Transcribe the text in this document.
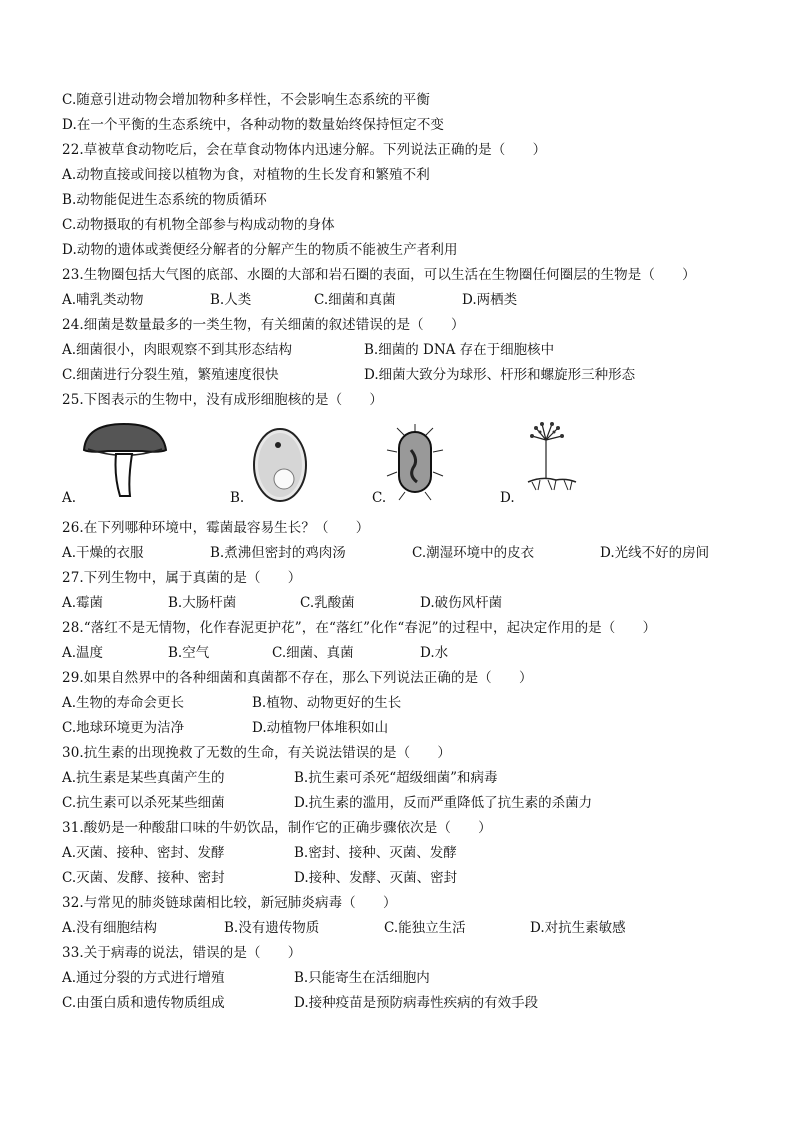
C.随意引进动物会增加物种多样性，不会影响生态系统的平衡
D.在一个平衡的生态系统中，各种动物的数量始终保持恒定不变
22.草被草食动物吃后，会在草食动物体内迅速分解。下列说法正确的是（　　）
A.动物直接或间接以植物为食，对植物的生长发育和繁殖不利
B.动物能促进生态系统的物质循环
C.动物摄取的有机物全部参与构成动物的身体
D.动物的遗体或粪便经分解者的分解产生的物质不能被生产者利用
23.生物圈包括大气图的底部、水圈的大部和岩石圈的表面，可以生活在生物圈任何圈层的生物是（　　）
A.哺乳类动物	B.人类	C.细菌和真菌	D.两栖类
24.细菌是数量最多的一类生物，有关细菌的叙述错误的是（　　）
A.细菌很小，肉眼观察不到其形态结构	B.细菌的 DNA 存在于细胞核中
C.细菌进行分裂生殖，繁殖速度很快	D.细菌大致分为球形、杆形和螺旋形三种形态
25.下图表示的生物中，没有成形细胞核的是（　　）
A.	B.	C.	D.
26.在下列哪种环境中，霉菌最容易生长？（　　）
A.干燥的衣服	B.煮沸但密封的鸡肉汤	C.潮湿环境中的皮衣	D.光线不好的房间
27.下列生物中，属于真菌的是（　　）
A.霉菌	B.大肠杆菌	C.乳酸菌	D.破伤风杆菌
28.“落红不是无情物，化作春泥更护花”，在“落红”化作“春泥”的过程中，起决定作用的是（　　）
A.温度	B.空气	C.细菌、真菌	D.水
29.如果自然界中的各种细菌和真菌都不存在，那么下列说法正确的是（　　）
A.生物的寿命会更长	B.植物、动物更好的生长
C.地球环境更为洁净	D.动植物尸体堆积如山
30.抗生素的出现挽救了无数的生命，有关说法错误的是（　　）
A.抗生素是某些真菌产生的	B.抗生素可杀死“超级细菌”和病毒
C.抗生素可以杀死某些细菌	D.抗生素的滥用，反而严重降低了抗生素的杀菌力
31.酸奶是一种酸甜口味的牛奶饮品，制作它的正确步骤依次是（　　）
A.灭菌、接种、密封、发酵	B.密封、接种、灭菌、发酵
C.灭菌、发酵、接种、密封	D.接种、发酵、灭菌、密封
32.与常见的肺炎链球菌相比较，新冠肺炎病毒（　　）
A.没有细胞结构	B.没有遗传物质	C.能独立生活	D.对抗生素敏感
33.关于病毒的说法，错误的是（　　）
A.通过分裂的方式进行增殖	B.只能寄生在活细胞内
C.由蛋白质和遗传物质组成	D.接种疫苗是预防病毒性疾病的有效手段
